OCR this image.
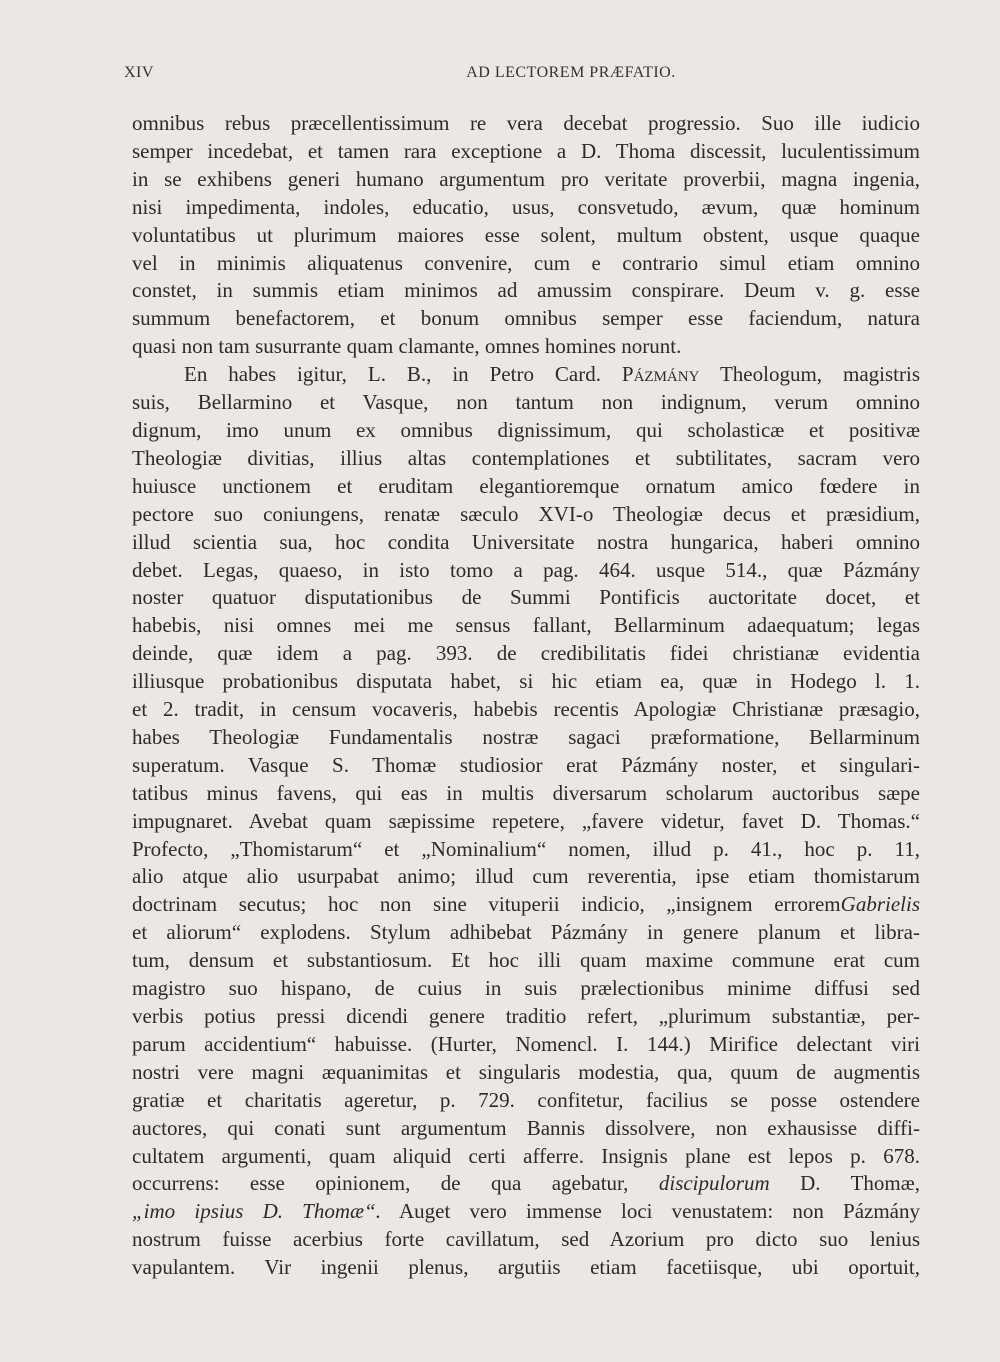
XIV	AD LECTOREM PRÆFATIO.
omnibus rebus præcellentissimum re vera decebat progressio. Suo ille iudicio
semper incedebat, et tamen rara exceptione a D. Thoma discessit, luculentissimum
in se exhibens generi humano argumentum pro veritate proverbii, magna ingenia,
nisi impedimenta, indoles, educatio, usus, consvetudo, ævum, quæ hominum
voluntatibus ut plurimum maiores esse solent, multum obstent, usque quaque
vel in minimis aliquatenus convenire, cum e contrario simul etiam omnino
constet, in summis etiam minimos ad amussim conspirare. Deum v. g. esse
summum benefactorem, et bonum omnibus semper esse faciendum, natura
quasi non tam susurrante quam clamante, omnes homines norunt.
En habes igitur, L. B., in Petro Card. Pázmány Theologum, magistris
suis, Bellarmino et Vasque, non tantum non indignum, verum omnino
dignum, imo unum ex omnibus dignissimum, qui scholasticæ et positivæ
Theologiæ divitias, illius altas contemplationes et subtilitates, sacram vero
huiusce unctionem et eruditam elegantioremque ornatum amico fœdere in
pectore suo coniungens, renatæ sæculo XVI-o Theologiæ decus et præsidium,
illud scientia sua, hoc condita Universitate nostra hungarica, haberi omnino
debet. Legas, quaeso, in isto tomo a pag. 464. usque 514., quæ Pázmány
noster quatuor disputationibus de Summi Pontificis auctoritate docet, et
habebis, nisi omnes mei me sensus fallant, Bellarminum adaequatum; legas
deinde, quæ idem a pag. 393. de credibilitatis fidei christianæ evidentia
illiusque probationibus disputata habet, si hic etiam ea, quæ in Hodego l. 1.
et 2. tradit, in censum vocaveris, habebis recentis Apologiæ Christianæ præsagio,
habes Theologiæ Fundamentalis nostræ sagaci præformatione, Bellarminum
superatum. Vasque S. Thomæ studiosior erat Pázmány noster, et singulari-
tatibus minus favens, qui eas in multis diversarum scholarum auctoribus sæpe
impugnaret. Avebat quam sæpissime repetere, „favere videtur, favet D. Thomas.“
Profecto, „Thomistarum“ et „Nominalium“ nomen, illud p. 41., hoc p. 11,
alio atque alio usurpabat animo; illud cum reverentia, ipse etiam thomistarum
doctrinam secutus; hoc non sine vituperii indicio, „insignem erroremGabrielis
et aliorum“ explodens. Stylum adhibebat Pázmány in genere planum et libra-
tum, densum et substantiosum. Et hoc illi quam maxime commune erat cum
magistro suo hispano, de cuius in suis prælectionibus minime diffusi sed
verbis potius pressi dicendi genere traditio refert, „plurimum substantiæ, per-
parum accidentium“ habuisse. (Hurter, Nomencl. I. 144.) Mirifice delectant viri
nostri vere magni æquanimitas et singularis modestia, qua, quum de augmentis
gratiæ et charitatis ageretur, p. 729. confitetur, facilius se posse ostendere
auctores, qui conati sunt argumentum Bannis dissolvere, non exhausisse diffi-
cultatem argumenti, quam aliquid certi afferre. Insignis plane est lepos p. 678.
occurrens: esse opinionem, de qua agebatur, discipulorum D. Thomæ,
„imo ipsius D. Thomæ“. Auget vero immense loci venustatem: non Pázmány
nostrum fuisse acerbius forte cavillatum, sed Azorium pro dicto suo lenius
vapulantem. Vir ingenii plenus, argutiis etiam facetiisque, ubi oportuit,
